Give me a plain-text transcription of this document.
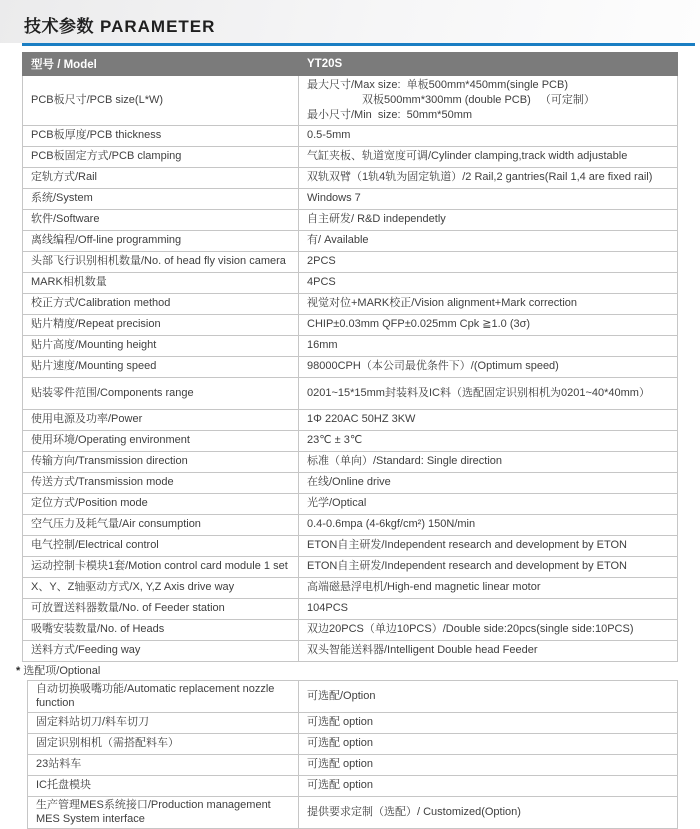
技术参数 PARAMETER
型号 / Model	YT20S
PCB板尺寸/PCB size(L*W)	最大尺寸/Max size:  单板500mm*450mm(single PCB)
双板500mm*300mm (double PCB)   （可定制）
最小尺寸/Min  size:  50mm*50mm

PCB板厚度/PCB thickness	0.5-5mm
PCB板固定方式/PCB clamping	气缸夹板、轨道宽度可调/Cylinder clamping,track width adjustable
定轨方式/Rail	双轨双臂（1轨4轨为固定轨道）/2 Rail,2 gantries(Rail 1,4 are fixed rail)
系统/System	Windows 7
软件/Software	自主研发/ R&D independetly
离线编程/Off-line programming	有/ Available
头部飞行识别相机数量/No. of head fly vision camera	2PCS
MARK相机数量	4PCS
校正方式/Calibration method	视觉对位+MARK校正/Vision alignment+Mark correction
贴片精度/Repeat precision	CHIP±0.03mm QFP±0.025mm Cpk ≧1.0 (3σ)
贴片高度/Mounting height	16mm
贴片速度/Mounting speed	98000CPH（本公司最优条件下）/(Optimum speed)
贴装零件范围/Components range	0201~15*15mm封装料及IC料（选配固定识别相机为0201~40*40mm）
使用电源及功率/Power	1Φ 220AC 50HZ 3KW
使用环境/Operating environment	23℃ ± 3℃
传输方向/Transmission direction	标准（单向）/Standard: Single direction
传送方式/Transmission mode	在线/Online drive
定位方式/Position mode	光学/Optical
空气压力及耗气量/Air consumption	0.4-0.6mpa (4-6kgf/cm²) 150N/min
电气控制/Electrical control	ETON自主研发/Independent research and development by ETON
运动控制卡模块1套/Motion control card module 1 set	ETON自主研发/Independent research and development by ETON
X、Y、Z轴驱动方式/X, Y,Z Axis drive way	高端磁悬浮电机/High-end magnetic linear motor
可放置送料器数量/No. of Feeder station	104PCS
吸嘴安装数量/No. of Heads	双边20PCS（单边10PCS）/Double side:20pcs(single side:10PCS)
送料方式/Feeding way	双头智能送料器/Intelligent Double head Feeder
* 选配项/Optional
自动切换吸嘴功能/Automatic replacement nozzle function	可选配/Option
固定料站切刀/料车切刀	可选配 option
固定识别相机（需搭配料车）	可选配 option
23站料车	可选配 option
IC托盘模块	可选配 option
生产管理MES系统接口/Production management MES System interface	提供要求定制（选配）/ Customized(Option)
